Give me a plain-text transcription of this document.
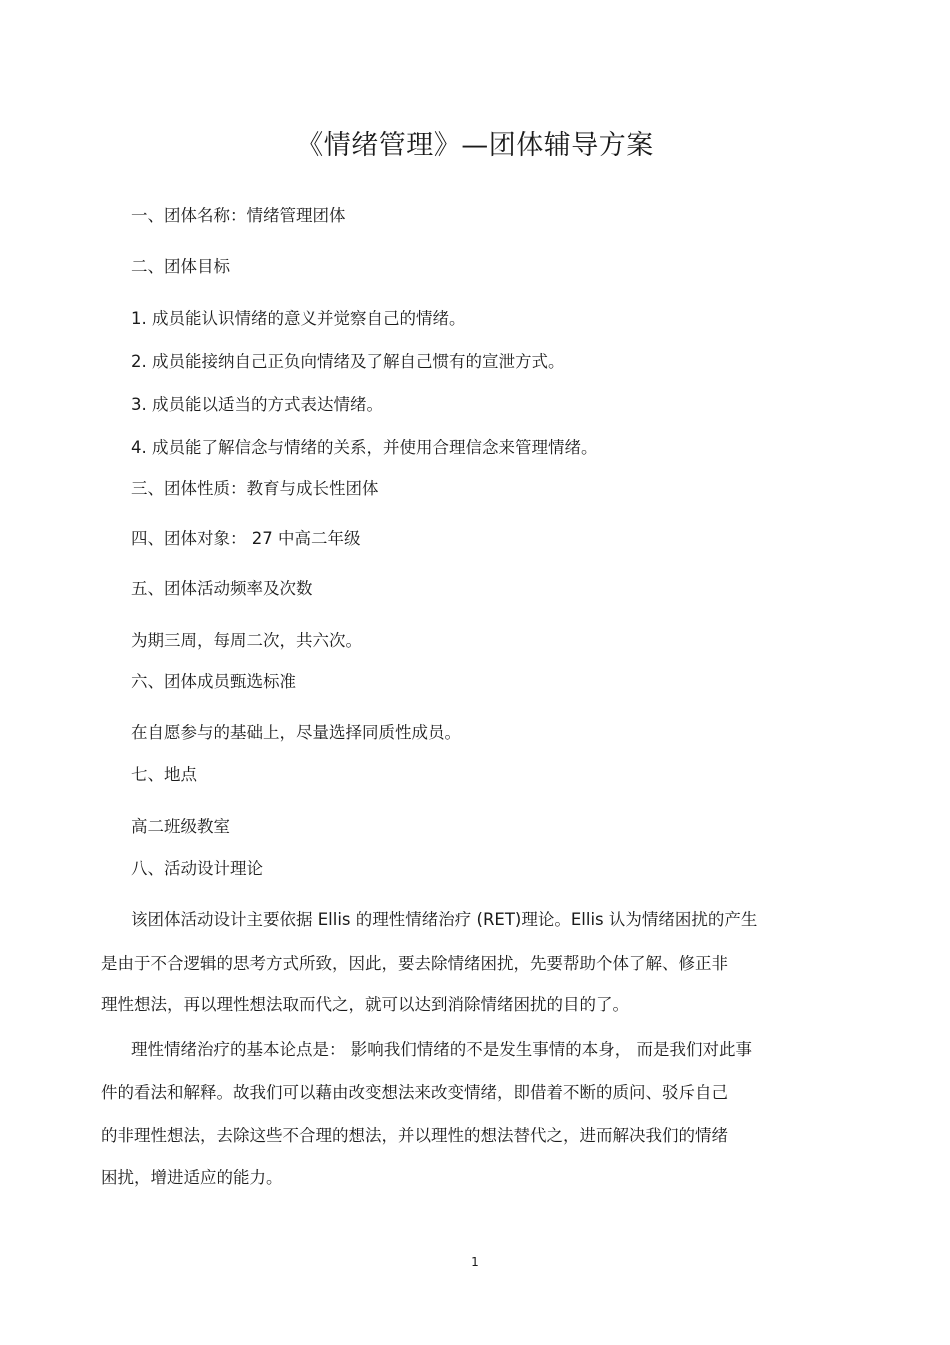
《情绪管理》—团体辅导方案
一、团体名称：情绪管理团体
二、团体目标
1. 成员能认识情绪的意义并觉察自己的情绪。
2. 成员能接纳自己正负向情绪及了解自己惯有的宣泄方式。
3. 成员能以适当的方式表达情绪。
4. 成员能了解信念与情绪的关系，并使用合理信念来管理情绪。
三、团体性质：教育与成长性团体
四、团体对象： 27 中高二年级
五、团体活动频率及次数
为期三周，每周二次，共六次。
六、团体成员甄选标准
在自愿参与的基础上，尽量选择同质性成员。
七、地点
高二班级教室
八、活动设计理论
该团体活动设计主要依据 Ellis 的理性情绪治疗 (RET)理论。Ellis 认为情绪困扰的产生
是由于不合逻辑的思考方式所致，因此，要去除情绪困扰，先要帮助个体了解、修正非
理性想法，再以理性想法取而代之，就可以达到消除情绪困扰的目的了。
理性情绪治疗的基本论点是： 影响我们情绪的不是发生事情的本身， 而是我们对此事
件的看法和解释。故我们可以藉由改变想法来改变情绪，即借着不断的质问、驳斥自己
的非理性想法，去除这些不合理的想法，并以理性的想法替代之，进而解决我们的情绪
困扰，增进适应的能力。
1
